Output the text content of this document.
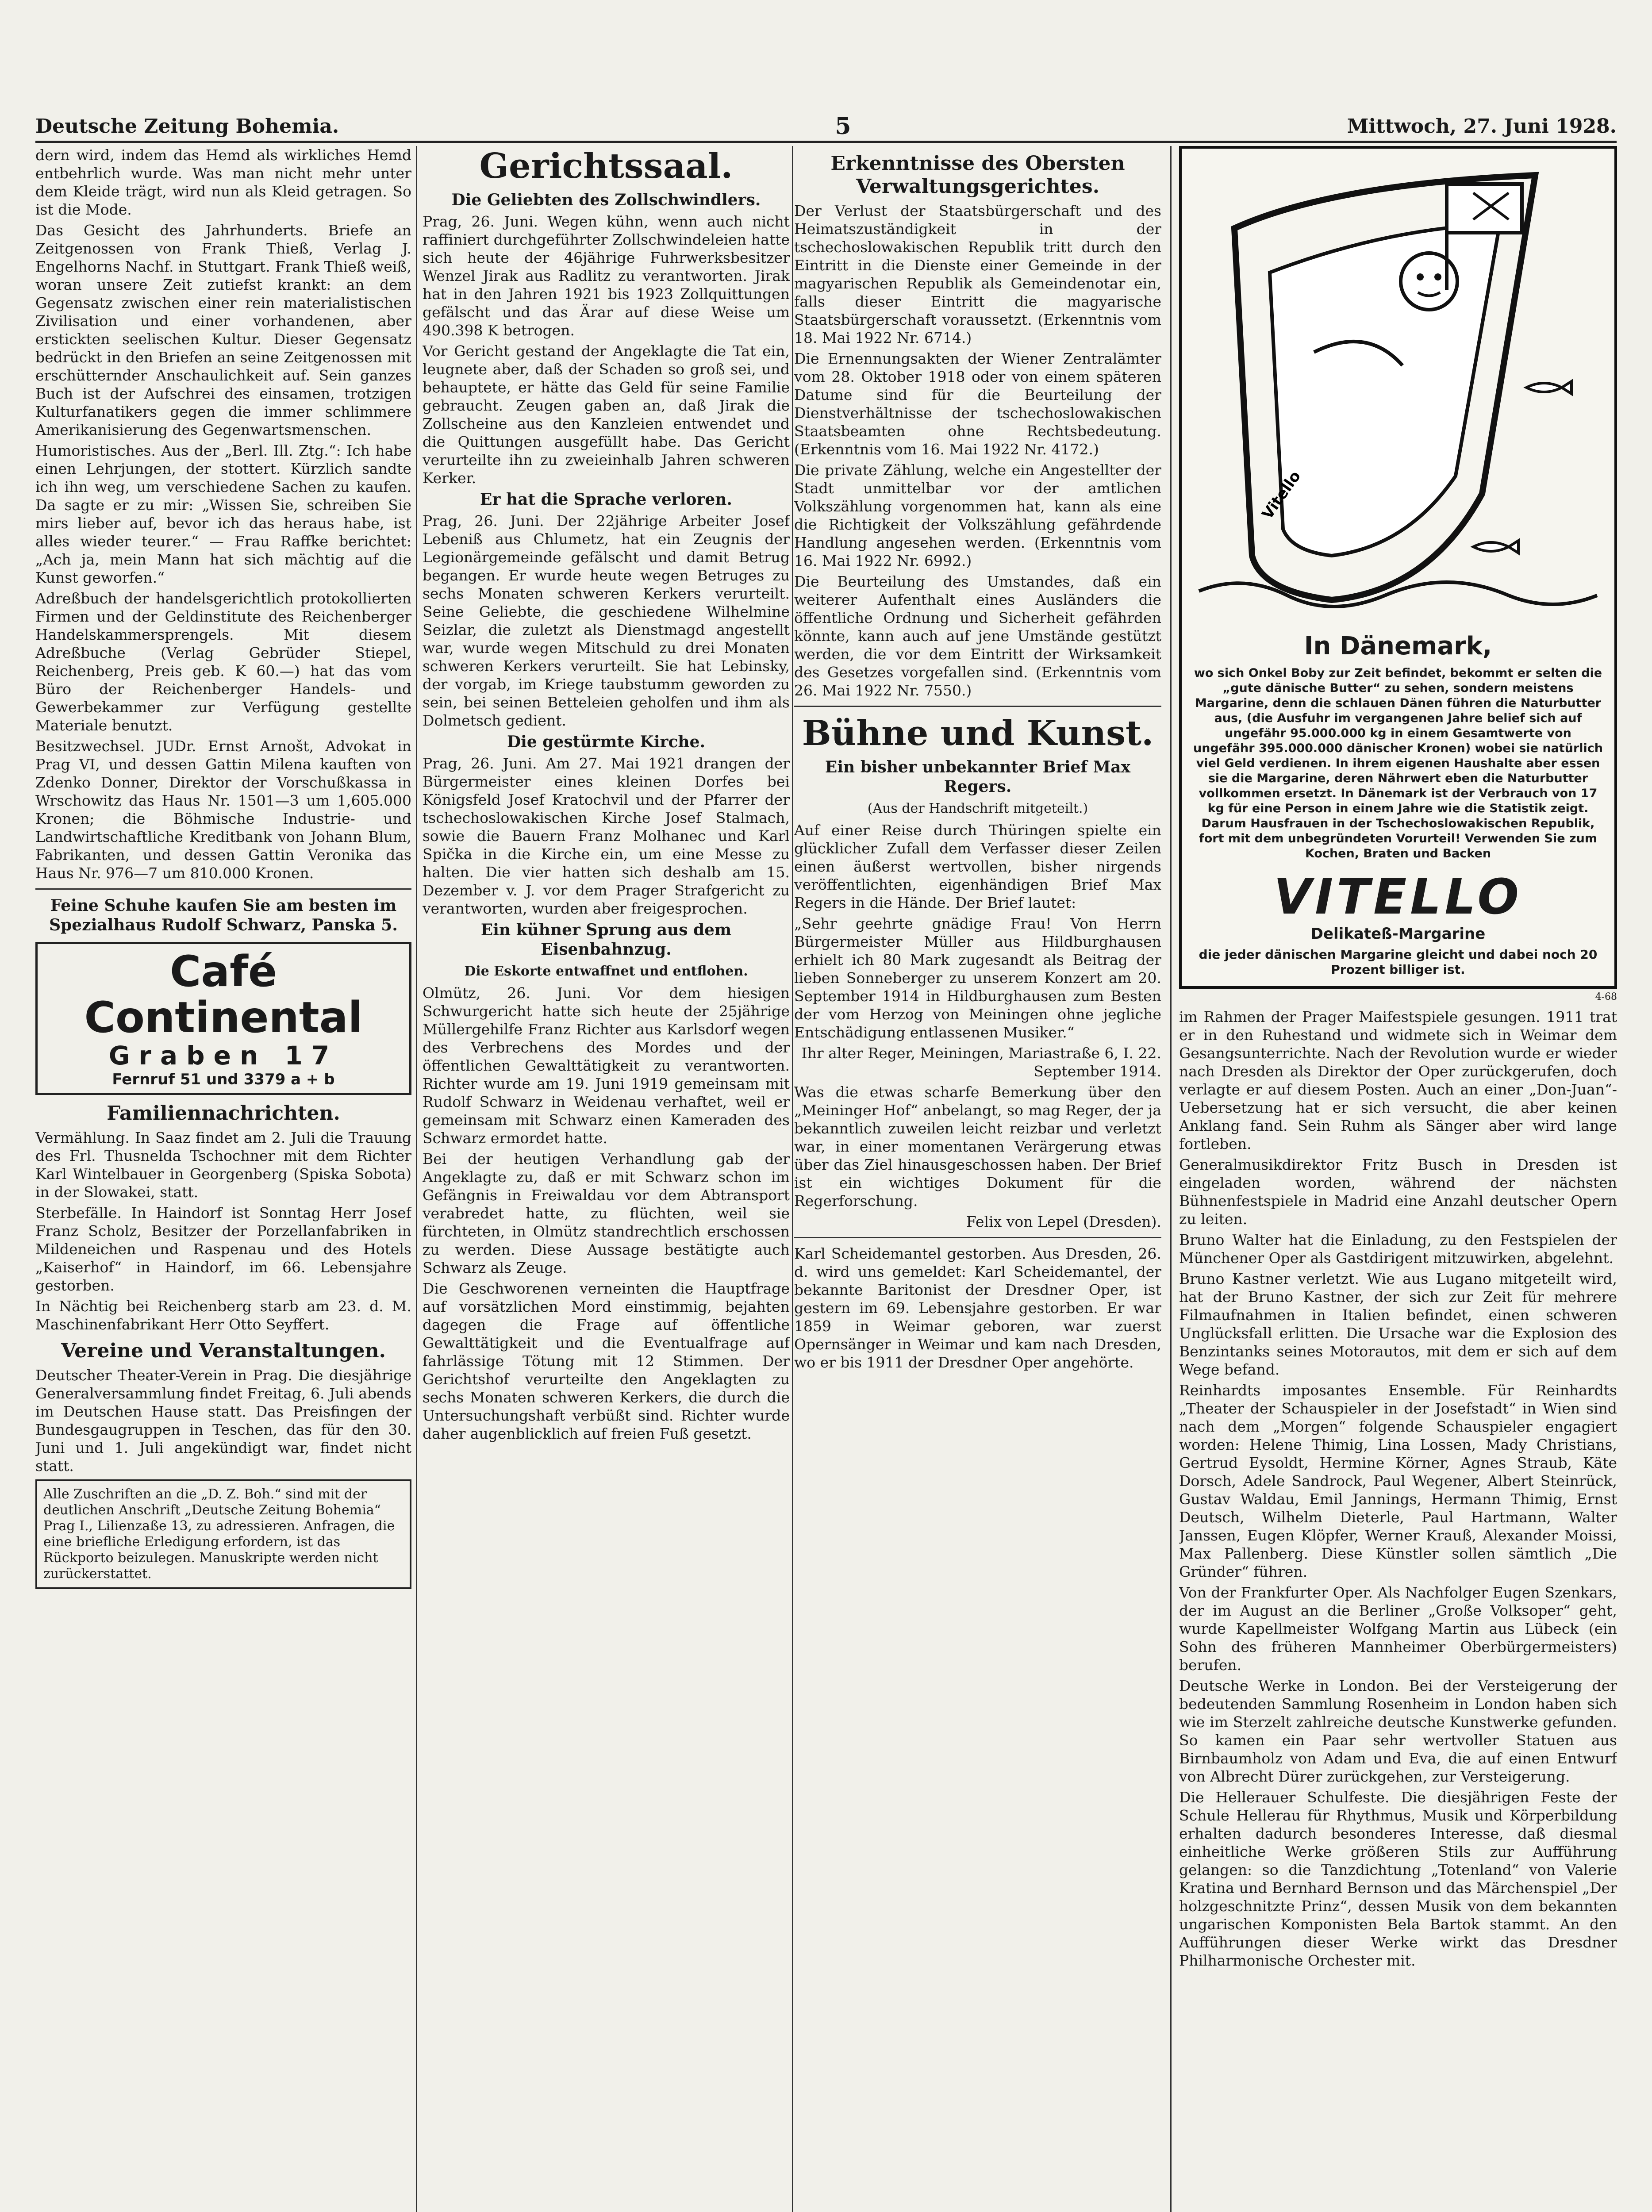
Deutsche Zeitung Bohemia.	5	Mittwoch, 27. Juni 1928.

dern wird, indem das Hemd als wirkliches Hemd entbehrlich wurde. Was man nicht mehr unter dem Kleide trägt, wird nun als Kleid getragen. So ist die Mode.

Das Gesicht des Jahrhunderts. Briefe an Zeitgenossen von Frank Thieß, Verlag J. Engelhorns Nachf. in Stuttgart. Frank Thieß weiß, woran unsere Zeit zutiefst krankt: an dem Gegensatz zwischen einer rein materialistischen Zivilisation und einer vorhandenen, aber erstickten seelischen Kultur. Dieser Gegensatz bedrückt in den Briefen an seine Zeitgenossen mit erschütternder Anschaulichkeit auf. Sein ganzes Buch ist der Aufschrei des einsamen, trotzigen Kulturfanatikers gegen die immer schlimmere Amerikanisierung des Gegenwartsmenschen.

Humoristisches. Aus der „Berl. Ill. Ztg.“: Ich habe einen Lehrjungen, der stottert. Kürzlich sandte ich ihn weg, um verschiedene Sachen zu kaufen. Da sagte er zu mir: „Wissen Sie, schreiben Sie mirs lieber auf, bevor ich das heraus habe, ist alles wieder teurer.“ — Frau Raffke berichtet: „Ach ja, mein Mann hat sich mächtig auf die Kunst geworfen.“

Adreßbuch der handelsgerichtlich protokollierten Firmen und der Geldinstitute des Reichenberger Handelskammersprengels. Mit diesem Adreßbuche (Verlag Gebrüder Stiepel, Reichenberg, Preis geb. K 60.—) hat das vom Büro der Reichenberger Handels- und Gewerbekammer zur Verfügung gestellte Materiale benutzt.

Besitzwechsel. JUDr. Ernst Arnošt, Advokat in Prag VI, und dessen Gattin Milena kauften von Zdenko Donner, Direktor der Vorschußkassa in Wrschowitz das Haus Nr. 1501—3 um 1,605.000 Kronen; die Böhmische Industrie- und Landwirtschaftliche Kreditbank von Johann Blum, Fabrikanten, und dessen Gattin Veronika das Haus Nr. 976—7 um 810.000 Kronen.

Feine Schuhe kaufen Sie am besten im Spezialhaus Rudolf Schwarz, Panska 5.

Café Continental
Graben 17
Fernruf 51 und 3379 a + b
Familiennachrichten.

Vermählung. In Saaz findet am 2. Juli die Trauung des Frl. Thusnelda Tschochner mit dem Richter Karl Wintelbauer in Georgenberg (Spiska Sobota) in der Slowakei, statt.

Sterbefälle. In Haindorf ist Sonntag Herr Josef Franz Scholz, Besitzer der Porzellanfabriken in Mildeneichen und Raspenau und des Hotels „Kaiserhof“ in Haindorf, im 66. Lebensjahre gestorben.

In Nächtig bei Reichenberg starb am 23. d. M. Maschinenfabrikant Herr Otto Seyffert.

Vereine und Veranstaltungen.

Deutscher Theater-Verein in Prag. Die diesjährige Generalversammlung findet Freitag, 6. Juli abends im Deutschen Hause statt. Das Preisfingen der Bundesgaugruppen in Teschen, das für den 30. Juni und 1. Juli angekündigt war, findet nicht statt.

Alle Zuschriften an die „D. Z. Boh.“ sind mit der deutlichen Anschrift „Deutsche Zeitung Bohemia“ Prag I., Lilienzaße 13, zu adressieren. Anfragen, die eine briefliche Erledigung erfordern, ist das Rückporto beizulegen. Manuskripte werden nicht zurückerstattet.
Gerichtssaal.
Die Geliebten des Zollschwindlers.

Prag, 26. Juni. Wegen kühn, wenn auch nicht raffiniert durchgeführter Zollschwindeleien hatte sich heute der 46jährige Fuhrwerksbesitzer Wenzel Jirak aus Radlitz zu verantworten. Jirak hat in den Jahren 1921 bis 1923 Zollquittungen gefälscht und das Ärar auf diese Weise um 490.398 K betrogen.

Vor Gericht gestand der Angeklagte die Tat ein, leugnete aber, daß der Schaden so groß sei, und behauptete, er hätte das Geld für seine Familie gebraucht. Zeugen gaben an, daß Jirak die Zollscheine aus den Kanzleien entwendet und die Quittungen ausgefüllt habe. Das Gericht verurteilte ihn zu zweieinhalb Jahren schweren Kerker.

Er hat die Sprache verloren.

Prag, 26. Juni. Der 22jährige Arbeiter Josef Lebeniß aus Chlumetz, hat ein Zeugnis der Legionärgemeinde gefälscht und damit Betrug begangen. Er wurde heute wegen Betruges zu sechs Monaten schweren Kerkers verurteilt. Seine Geliebte, die geschiedene Wilhelmine Seizlar, die zuletzt als Dienstmagd angestellt war, wurde wegen Mitschuld zu drei Monaten schweren Kerkers verurteilt. Sie hat Lebinsky, der vorgab, im Kriege taubstumm geworden zu sein, bei seinen Betteleien geholfen und ihm als Dolmetsch gedient.

Die gestürmte Kirche.

Prag, 26. Juni. Am 27. Mai 1921 drangen der Bürgermeister eines kleinen Dorfes bei Königsfeld Josef Kratochvil und der Pfarrer der tschechoslowakischen Kirche Josef Stalmach, sowie die Bauern Franz Molhanec und Karl Spička in die Kirche ein, um eine Messe zu halten. Die vier hatten sich deshalb am 15. Dezember v. J. vor dem Prager Strafgericht zu verantworten, wurden aber freigesprochen.

Ein kühner Sprung aus dem Eisenbahnzug.
Die Eskorte entwaffnet und entflohen.

Olmütz, 26. Juni. Vor dem hiesigen Schwurgericht hatte sich heute der 25jährige Müllergehilfe Franz Richter aus Karlsdorf wegen des Verbrechens des Mordes und der öffentlichen Gewalttätigkeit zu verantworten. Richter wurde am 19. Juni 1919 gemeinsam mit Rudolf Schwarz in Weidenau verhaftet, weil er gemeinsam mit Schwarz einen Kameraden des Schwarz ermordet hatte.

Bei der heutigen Verhandlung gab der Angeklagte zu, daß er mit Schwarz schon im Gefängnis in Freiwaldau vor dem Abtransport verabredet hatte, zu flüchten, weil sie fürchteten, in Olmütz standrechtlich erschossen zu werden. Diese Aussage bestätigte auch Schwarz als Zeuge.

Die Geschworenen verneinten die Hauptfrage auf vorsätzlichen Mord einstimmig, bejahten dagegen die Frage auf öffentliche Gewalttätigkeit und die Eventualfrage auf fahrlässige Tötung mit 12 Stimmen. Der Gerichtshof verurteilte den Angeklagten zu sechs Monaten schweren Kerkers, die durch die Untersuchungshaft verbüßt sind. Richter wurde daher augenblicklich auf freien Fuß gesetzt.

Erkenntnisse des Obersten Verwaltungsgerichtes.

Der Verlust der Staatsbürgerschaft und des Heimatszuständigkeit in der tschechoslowakischen Republik tritt durch den Eintritt in die Dienste einer Gemeinde in der magyarischen Republik als Gemeindenotar ein, falls dieser Eintritt die magyarische Staatsbürgerschaft voraussetzt. (Erkenntnis vom 18. Mai 1922 Nr. 6714.)

Die Ernennungsakten der Wiener Zentralämter vom 28. Oktober 1918 oder von einem späteren Datume sind für die Beurteilung der Dienstverhältnisse der tschechoslowakischen Staatsbeamten ohne Rechtsbedeutung. (Erkenntnis vom 16. Mai 1922 Nr. 4172.)

Die private Zählung, welche ein Angestellter der Stadt unmittelbar vor der amtlichen Volkszählung vorgenommen hat, kann als eine die Richtigkeit der Volkszählung gefährdende Handlung angesehen werden. (Erkenntnis vom 16. Mai 1922 Nr. 6992.)

Die Beurteilung des Umstandes, daß ein weiterer Aufenthalt eines Ausländers die öffentliche Ordnung und Sicherheit gefährden könnte, kann auch auf jene Umstände gestützt werden, die vor dem Eintritt der Wirksamkeit des Gesetzes vorgefallen sind. (Erkenntnis vom 26. Mai 1922 Nr. 7550.)

Bühne und Kunst.
Ein bisher unbekannter Brief Max Regers.
(Aus der Handschrift mitgeteilt.)

Auf einer Reise durch Thüringen spielte ein glücklicher Zufall dem Verfasser dieser Zeilen einen äußerst wertvollen, bisher nirgends veröffentlichten, eigenhändigen Brief Max Regers in die Hände. Der Brief lautet:

„Sehr geehrte gnädige Frau! Von Herrn Bürgermeister Müller aus Hildburghausen erhielt ich 80 Mark zugesandt als Beitrag der lieben Sonneberger zu unserem Konzert am 20. September 1914 in Hildburghausen zum Besten der vom Herzog von Meiningen ohne jegliche Entschädigung entlassenen Musiker.“

Ihr alter Reger, Meiningen, Mariastraße 6, I. 22. September 1914.

Was die etwas scharfe Bemerkung über den „Meininger Hof“ anbelangt, so mag Reger, der ja bekanntlich zuweilen leicht reizbar und verletzt war, in einer momentanen Verärgerung etwas über das Ziel hinausgeschossen haben. Der Brief ist ein wichtiges Dokument für die Regerforschung.

Felix von Lepel (Dresden).

Karl Scheidemantel gestorben. Aus Dresden, 26. d. wird uns gemeldet: Karl Scheidemantel, der bekannte Baritonist der Dresdner Oper, ist gestern im 69. Lebensjahre gestorben. Er war 1859 in Weimar geboren, war zuerst Opernsänger in Weimar und kam nach Dresden, wo er bis 1911 der Dresdner Oper angehörte.

Vitello
In Dänemark,
wo sich Onkel Boby zur Zeit befindet, bekommt er selten die „gute dänische Butter“ zu sehen, sondern meistens Margarine, denn die schlauen Dänen führen die Naturbutter aus, (die Ausfuhr im vergangenen Jahre belief sich auf ungefähr 95.000.000 kg in einem Gesamtwerte von ungefähr 395.000.000 dänischer Kronen) wobei sie natürlich viel Geld verdienen. In ihrem eigenen Haushalte aber essen sie die Margarine, deren Nährwert eben die Naturbutter vollkommen ersetzt. In Dänemark ist der Verbrauch von 17 kg für eine Person in einem Jahre wie die Statistik zeigt. Darum Hausfrauen in der Tschechoslowakischen Republik, fort mit dem unbegründeten Vorurteil! Verwenden Sie zum Kochen, Braten und Backen
VITELLO
Delikateß-Margarine
die jeder dänischen Margarine gleicht und dabei noch 20 Prozent billiger ist.
4-68

im Rahmen der Prager Maifestspiele gesungen. 1911 trat er in den Ruhestand und widmete sich in Weimar dem Gesangsunterrichte. Nach der Revolution wurde er wieder nach Dresden als Direktor der Oper zurückgerufen, doch verlagte er auf diesem Posten. Auch an einer „Don-Juan“-Uebersetzung hat er sich versucht, die aber keinen Anklang fand. Sein Ruhm als Sänger aber wird lange fortleben.

Generalmusikdirektor Fritz Busch in Dresden ist eingeladen worden, während der nächsten Bühnenfestspiele in Madrid eine Anzahl deutscher Opern zu leiten.

Bruno Walter hat die Einladung, zu den Festspielen der Münchener Oper als Gastdirigent mitzuwirken, abgelehnt.

Bruno Kastner verletzt. Wie aus Lugano mitgeteilt wird, hat der Bruno Kastner, der sich zur Zeit für mehrere Filmaufnahmen in Italien befindet, einen schweren Unglücksfall erlitten. Die Ursache war die Explosion des Benzintanks seines Motorautos, mit dem er sich auf dem Wege befand.

Reinhardts imposantes Ensemble. Für Reinhardts „Theater der Schauspieler in der Josefstadt“ in Wien sind nach dem „Morgen“ folgende Schauspieler engagiert worden: Helene Thimig, Lina Lossen, Mady Christians, Gertrud Eysoldt, Hermine Körner, Agnes Straub, Käte Dorsch, Adele Sandrock, Paul Wegener, Albert Steinrück, Gustav Waldau, Emil Jannings, Hermann Thimig, Ernst Deutsch, Wilhelm Dieterle, Paul Hartmann, Walter Janssen, Eugen Klöpfer, Werner Krauß, Alexander Moissi, Max Pallenberg. Diese Künstler sollen sämtlich „Die Gründer“ führen.

Von der Frankfurter Oper. Als Nachfolger Eugen Szenkars, der im August an die Berliner „Große Volksoper“ geht, wurde Kapellmeister Wolfgang Martin aus Lübeck (ein Sohn des früheren Mannheimer Oberbürgermeisters) berufen.

Deutsche Werke in London. Bei der Versteigerung der bedeutenden Sammlung Rosenheim in London haben sich wie im Sterzelt zahlreiche deutsche Kunstwerke gefunden. So kamen ein Paar sehr wertvoller Statuen aus Birnbaumholz von Adam und Eva, die auf einen Entwurf von Albrecht Dürer zurückgehen, zur Versteigerung.

Die Hellerauer Schulfeste. Die diesjährigen Feste der Schule Hellerau für Rhythmus, Musik und Körperbildung erhalten dadurch besonderes Interesse, daß diesmal einheitliche Werke größeren Stils zur Aufführung gelangen: so die Tanzdichtung „Totenland“ von Valerie Kratina und Bernhard Bernson und das Märchenspiel „Der holzgeschnitzte Prinz“, dessen Musik von dem bekannten ungarischen Komponisten Bela Bartok stammt. An den Aufführungen dieser Werke wirkt das Dresdner Philharmonische Orchester mit.
